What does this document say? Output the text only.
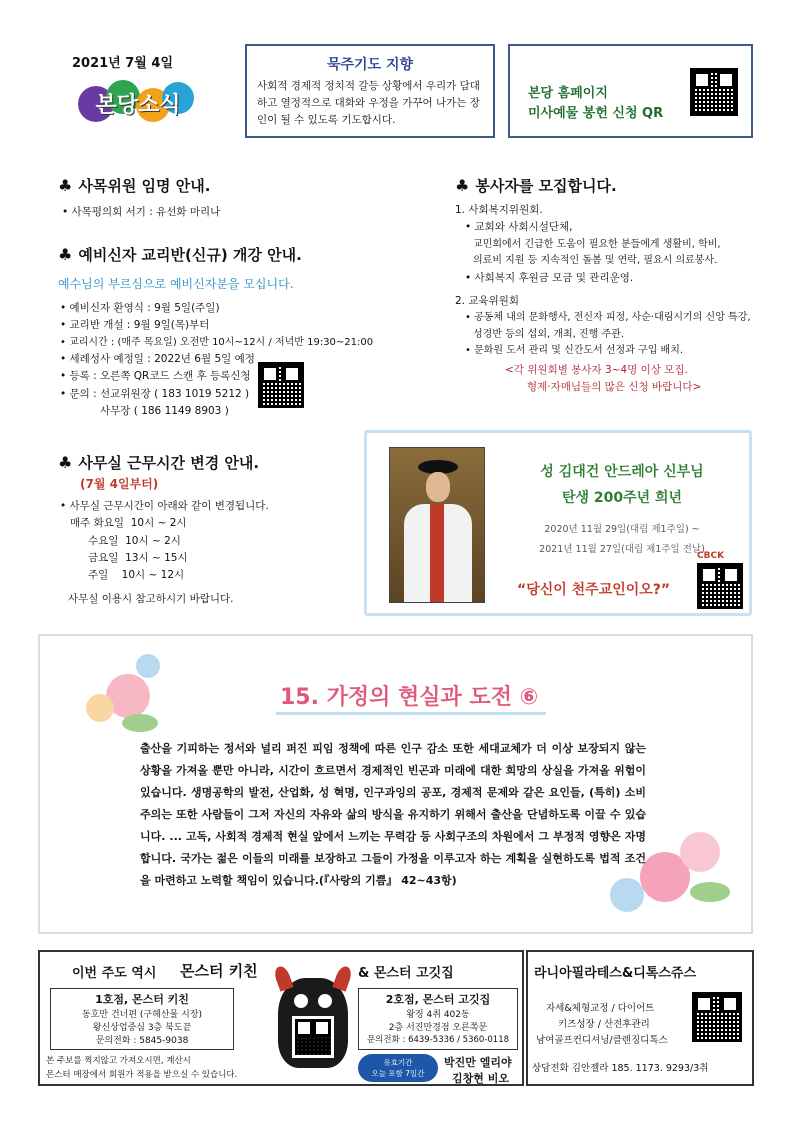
2021년 7월 4일
본당소식
묵주기도 지향
사회적 경제적 정치적 갈등 상황에서 우리가 담대하고 열정적으로 대화와 우정을 가꾸어 나가는 장인이 될 수 있도록 기도합시다.
본당 홈페이지
미사예물 봉헌 신청 QR
♣ 사목위원 임명 안내.
• 사목평의회 서기 : 유선화 마리나
♣ 예비신자 교리반(신규) 개강 안내.
예수님의 부르심으로 예비신자분을 모십니다.
• 예비신자 환영식 : 9월 5일(주일)
• 교리반 개설 : 9월 9일(목)부터
• 교리시간 : (매주 목요일) 오전반 10시~12시 / 저녁반 19:30~21:00
• 세례성사 예정일 : 2022년 6월 5일 예정
• 등록 : 오른쪽 QR코드 스캔 후 등록신청
• 문의 : 선교위원장 ( 183 1019 5212 )
사무장 ( 186 1149 8903 )
♣ 사무실 근무시간 변경 안내.
(7월 4일부터)
• 사무실 근무시간이 아래와 같이 변경됩니다.
매주 화요일 10시 ~ 2시
수요일 10시 ~ 2시
금요일 13시 ~ 15시
주일 10시 ~ 12시
사무실 이용시 참고하시기 바랍니다.
♣ 봉사자를 모집합니다.
1. 사회복지위원회.
• 교회와 사회시설단체,
교민회에서 긴급한 도움이 필요한 분들에게 생활비, 학비,
의료비 지원 등 지속적인 돌봄 및 연락, 필요시 의료봉사.
• 사회복지 후원금 모금 및 관리운영.
2. 교육위원회
• 공동체 내의 문화행사, 전신자 피정, 사순·대림시기의 신앙 특강,
성경반 등의 섭외, 개최, 진행 주관.
• 문화원 도서 관리 및 신간도서 선정과 구입 배치.
<각 위원회별 봉사자 3~4명 이상 모집.
형제·자매님들의 많은 신청 바랍니다>
성 김대건 안드레아 신부님
탄생 200주년 희년
2020년 11월 29일(대림 제1주일) ~
2021년 11월 27일(대림 제1주일 전날)
CBCK
“당신이 천주교인이오?”
15. 가정의 현실과 도전 ⑥
출산을 기피하는 정서와 널리 퍼진 피임 정책에 따른 인구 감소 또한 세대교체가 더 이상 보장되지 않는 상황을 가져올 뿐만 아니라, 시간이 흐르면서 경제적인 빈곤과 미래에 대한 희망의 상실을 가져올 위험이 있습니다. 생명공학의 발전, 산업화, 성 혁명, 인구과잉의 공포, 경제적 문제와 같은 요인들, (특히) 소비주의는 또한 사람들이 그저 자신의 자유와 삶의 방식을 유지하기 위해서 출산을 단념하도록 이끌 수 있습니다. ... 고독, 사회적 경제적 현실 앞에서 느끼는 무력감 등 사회구조의 차원에서 그 부정적 영향은 자명합니다. 국가는 젊은 이들의 미래를 보장하고 그들이 가정을 이루고자 하는 계획을 실현하도록 법적 조건을 마련하고 노력할 책임이 있습니다.(『사랑의 기쁨』 42~43항)
이번 주도 역시 몬스터 키친	& 몬스터 고깃집
1호점, 몬스터 키친
동호만 건너편 (구헤산물 시장)
왕신상업중심 3층 북도끝
문의전화 : 5845-9038
2호점, 몬스터 고깃집
왕징 4취 402동
2층 서진만경점 오른쪽문
문의전화 : 6439-5336 / 5360-0118
본 주보를 찍지않고 가져오시면, 계산시
몬스터 매장에서 회원가 적용을 받으실 수 있습니다.
유효기간
오늘 포함 7일간
박진만 엘리야
김창현 비오
라니아필라테스&디톡스쥬스
자세&체형교정 / 다이어트
키즈성장 / 산전후관리
남여골프컨디셔닝/클렌징디톡스
상담전화 김안젤라 185. 1173. 9293/3취
